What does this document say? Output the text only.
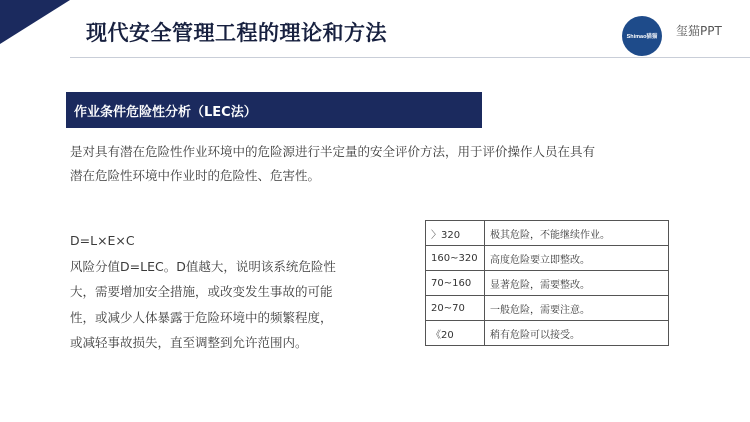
现代安全管理工程的理论和方法	Shimao猫猫 玺猫PPT
作业条件危险性分析（LEC法）
是对具有潜在危险性作业环境中的危险源进行半定量的安全评价方法，用于评价操作人员在具有
潜在危险性环境中作业时的危险性、危害性。
D=L×E×C
风险分值D=LEC。D值越大，说明该系统危险性
大，需要增加安全措施，或改变发生事故的可能
性，或减少人体暴露于危险环境中的频繁程度，
或减轻事故损失，直至调整到允许范围内。
〉320	极其危险，不能继续作业。
160~320	高度危险要立即整改。
70~160	显著危险，需要整改。
20~70	一般危险，需要注意。
《20	稍有危险可以接受。
